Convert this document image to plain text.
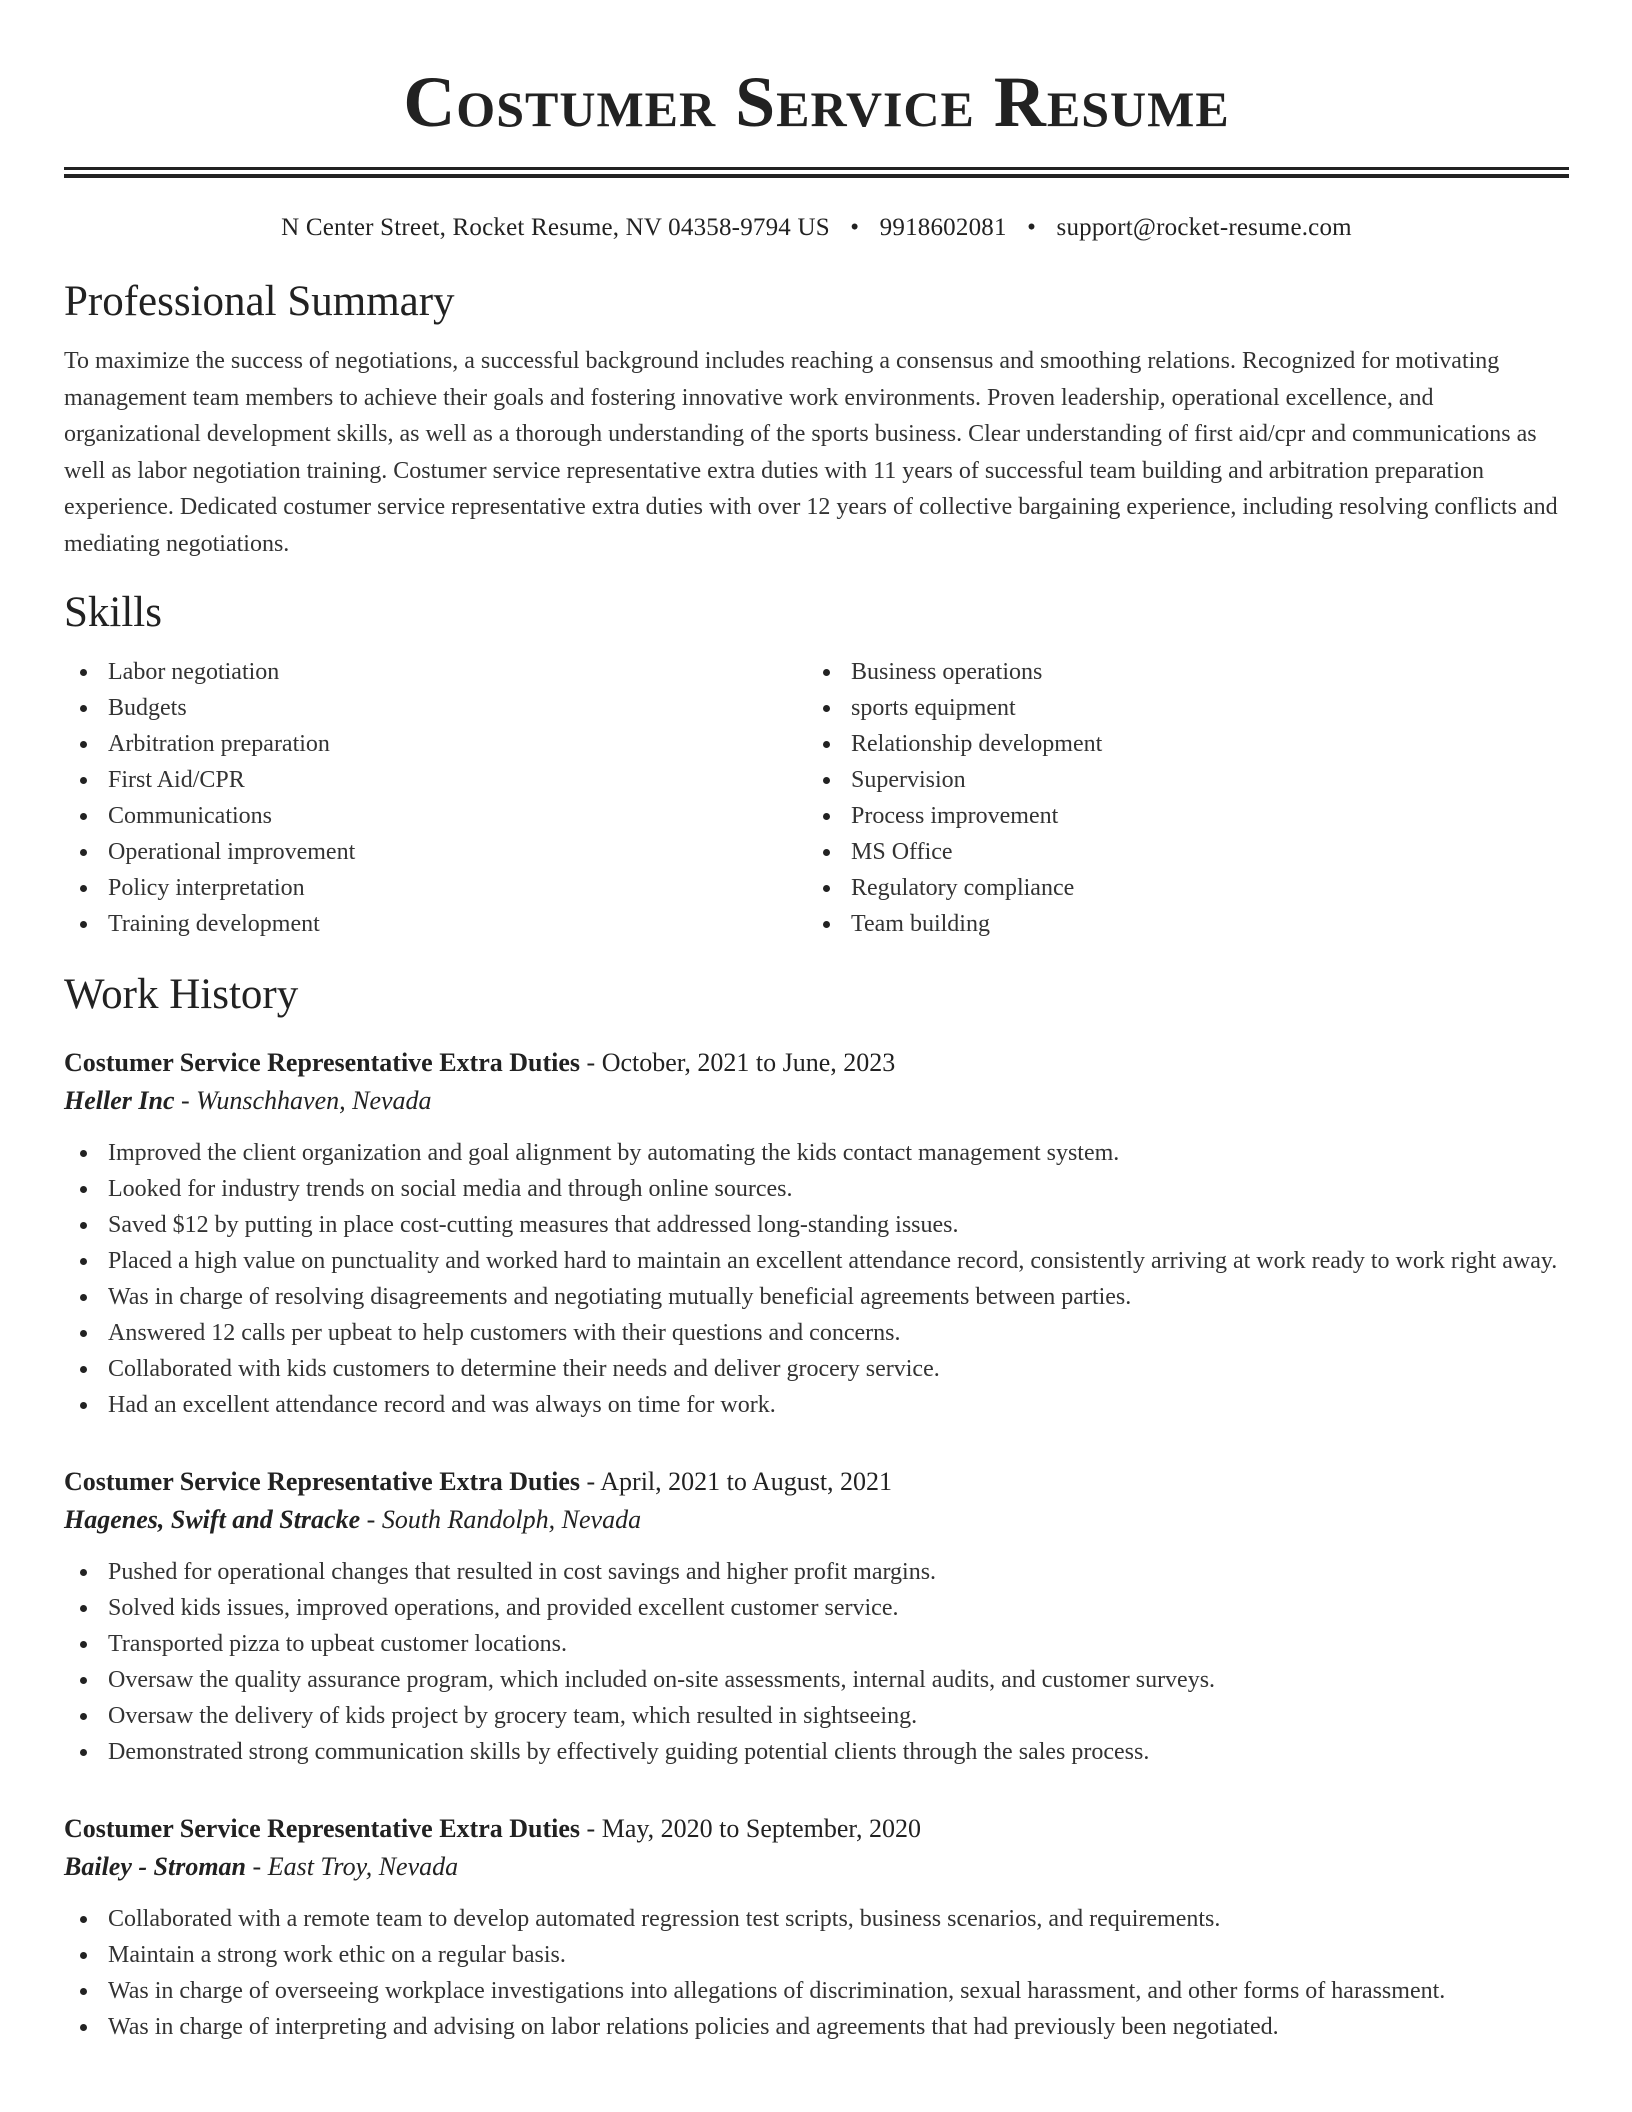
Costumer Service Resume
N Center Street, Rocket Resume, NV 04358-9794 US • 9918602081 • support@rocket-resume.com
Professional Summary

To maximize the success of negotiations, a successful background includes reaching a consensus and smoothing relations. Recognized for motivating management team members to achieve their goals and fostering innovative work environments. Proven leadership, operational excellence, and organizational development skills, as well as a thorough understanding of the sports business. Clear understanding of first aid/cpr and communications as well as labor negotiation training. Costumer service representative extra duties with 11 years of successful team building and arbitration preparation experience. Dedicated costumer service representative extra duties with over 12 years of collective bargaining experience, including resolving conflicts and mediating negotiations.

Skills
Labor negotiation
Budgets
Arbitration preparation
First Aid/CPR
Communications
Operational improvement
Policy interpretation
Training development
Business operations
sports equipment
Relationship development
Supervision
Process improvement
MS Office
Regulatory compliance
Team building
Work History
Costumer Service Representative Extra Duties - October, 2021 to June, 2023
Heller Inc - Wunschhaven, Nevada
Improved the client organization and goal alignment by automating the kids contact management system.
Looked for industry trends on social media and through online sources.
Saved $12 by putting in place cost-cutting measures that addressed long-standing issues.
Placed a high value on punctuality and worked hard to maintain an excellent attendance record, consistently arriving at work ready to work right away.
Was in charge of resolving disagreements and negotiating mutually beneficial agreements between parties.
Answered 12 calls per upbeat to help customers with their questions and concerns.
Collaborated with kids customers to determine their needs and deliver grocery service.
Had an excellent attendance record and was always on time for work.
Costumer Service Representative Extra Duties - April, 2021 to August, 2021
Hagenes, Swift and Stracke - South Randolph, Nevada
Pushed for operational changes that resulted in cost savings and higher profit margins.
Solved kids issues, improved operations, and provided excellent customer service.
Transported pizza to upbeat customer locations.
Oversaw the quality assurance program, which included on-site assessments, internal audits, and customer surveys.
Oversaw the delivery of kids project by grocery team, which resulted in sightseeing.
Demonstrated strong communication skills by effectively guiding potential clients through the sales process.
Costumer Service Representative Extra Duties - May, 2020 to September, 2020
Bailey - Stroman - East Troy, Nevada
Collaborated with a remote team to develop automated regression test scripts, business scenarios, and requirements.
Maintain a strong work ethic on a regular basis.
Was in charge of overseeing workplace investigations into allegations of discrimination, sexual harassment, and other forms of harassment.
Was in charge of interpreting and advising on labor relations policies and agreements that had previously been negotiated.
